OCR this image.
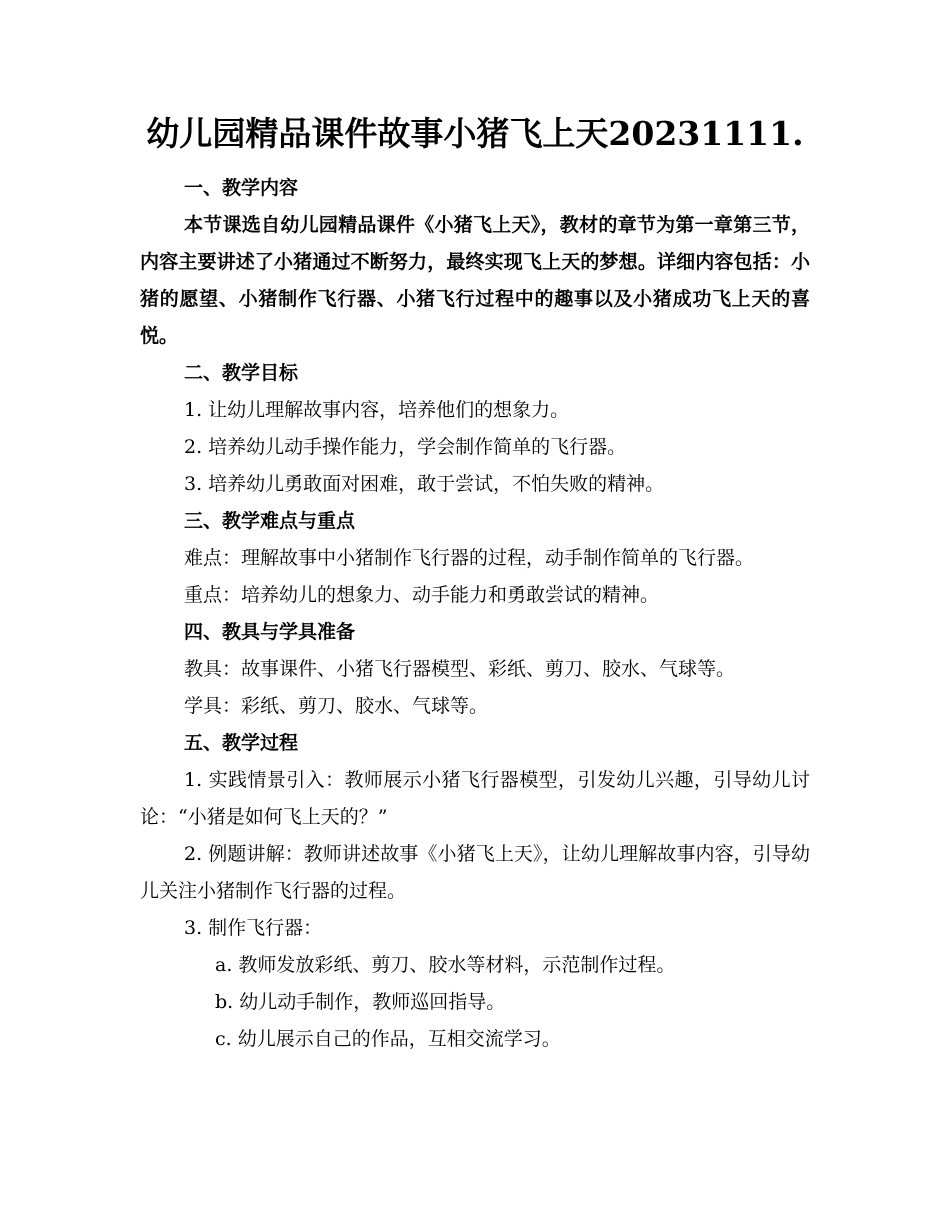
幼儿园精品课件故事小猪飞上天20231111.

一、教学内容

本节课选自幼儿园精品课件《小猪飞上天》，教材的章节为第一章第三节，内容主要讲述了小猪通过不断努力，最终实现飞上天的梦想。详细内容包括：小猪的愿望、小猪制作飞行器、小猪飞行过程中的趣事以及小猪成功飞上天的喜悦。

二、教学目标

1. 让幼儿理解故事内容，培养他们的想象力。

2. 培养幼儿动手操作能力，学会制作简单的飞行器。

3. 培养幼儿勇敢面对困难，敢于尝试，不怕失败的精神。

三、教学难点与重点

难点：理解故事中小猪制作飞行器的过程，动手制作简单的飞行器。

重点：培养幼儿的想象力、动手能力和勇敢尝试的精神。

四、教具与学具准备

教具：故事课件、小猪飞行器模型、彩纸、剪刀、胶水、气球等。

学具：彩纸、剪刀、胶水、气球等。

五、教学过程

1. 实践情景引入：教师展示小猪飞行器模型，引发幼儿兴趣，引导幼儿讨论：“小猪是如何飞上天的？”

2. 例题讲解：教师讲述故事《小猪飞上天》，让幼儿理解故事内容，引导幼儿关注小猪制作飞行器的过程。

3. 制作飞行器：

a. 教师发放彩纸、剪刀、胶水等材料，示范制作过程。

b. 幼儿动手制作，教师巡回指导。

c. 幼儿展示自己的作品，互相交流学习。
